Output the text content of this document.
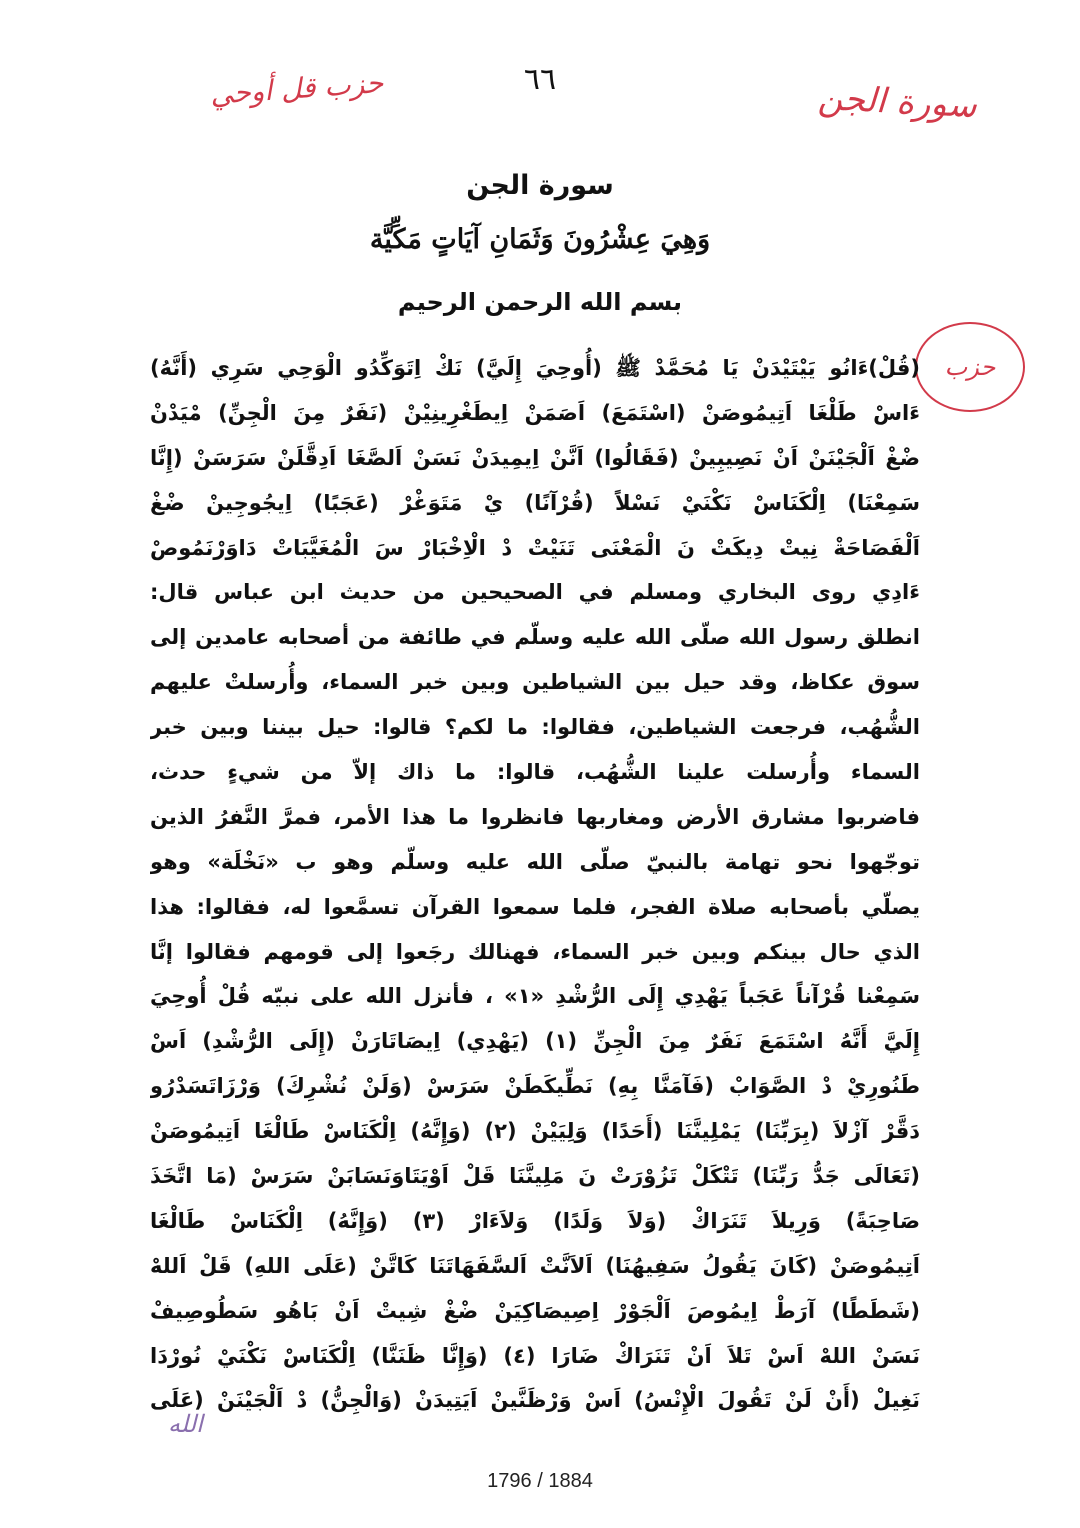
٦٦
حزب قل أوحي	سورة الجن
حزب
سورة الجن
وَهِيَ عِشْرُونَ وَثَمَانِ آيَاتٍ مَكِّيَّة
بسم الله الرحمن الرحيم
(قُلْ)ءَانُو يَيْتَيْدَنْ يَا مُحَمَّدْ ﷺ (أُوحِيَ إِلَيَّ) نَكْ اِتَوَكِّدُو الْوَحِي سَرِي (أَنَّهُ)
ءَاسْ طَلْغَا اَتِيمُوصَنْ (اسْتَمَعَ) اَصَمَنْ اِيطَغْرِينِيْنْ (نَفَرٌ مِنَ الْجِنِّ) مْيَدْنْ
ضْغْ اَلْجَيْنَنْ اَنْ نَصِيبِينْ (فَقَالُوا) اَنَّنْ اِيمِيدَنْ نَسَنْ اَلصَّغَا اَدِقَّلَنْ سَرَسَنْ (إِنَّا
سَمِعْنَا) اِلْكَنَاسْ نَكْنَيْ نَسْلاً (قُرْآنًا) يْ مَتَوَغْرْ (عَجَبًا) اِيجُوجِينْ ضْغْ
اَلْفَصَاحَةْ نِيتْ دِيكَتْ نَ الْمَعْنَى تَنَيْتْ دْ الْاِخْبَارْ سَ الْمُغَيَّبَاتْ دَاوَرْنَمُوصْ
ءَادِي روى البخاري ومسلم في الصحيحين من حديث ابن عباس قال:
انطلق رسول الله صلّى الله عليه وسلّم في طائفة من أصحابه عامدين إلى
سوق عكاظ، وقد حيل بين الشياطين وبين خبر السماء، وأُرسلتْ عليهم
الشُّهُب، فرجعت الشياطين، فقالوا: ما لكم؟ قالوا: حيل بيننا وبين خبر
السماء وأُرسلت علينا الشُّهُب، قالوا: ما ذاك إلاّ من شيءٍ حدث،
فاضربوا مشارق الأرض ومغاربها فانظروا ما هذا الأمر، فمرَّ النَّفرُ الذين
توجّهوا نحو تهامة بالنبيّ صلّى الله عليه وسلّم وهو ب «نَخْلَة» وهو
يصلّي بأصحابه صلاة الفجر، فلما سمعوا القرآن تسمَّعوا له، فقالوا: هذا
الذي حال بينكم وبين خبر السماء، فهنالك رجَعوا إلى قومهم فقالوا إنَّا
سَمِعْنا قُرْآناً عَجَباً يَهْدِي إِلَى الرُّشْدِ «١» ، فأنزل الله على نبيّه قُلْ أُوحِيَ
إِلَيَّ أَنَّهُ اسْتَمَعَ نَفَرٌ مِنَ الْجِنِّ (١) (يَهْدِي) اِيصَاتَارَنْ (إِلَى الرُّشْدِ) اَسْ
طَنُورِيْ دْ الصَّوَابْ (فَآمَنَّا بِهِ) نَطِّيكَطَنْ سَرَسْ (وَلَنْ نُشْرِكَ) وَرْزَاتَسَدْرُو
دَقَّرْ آزْلاَ (بِرَبِّنَا) يَمْلِينَّنَا (أَحَدًا) وَلِيَيْنْ (٢) (وَإِنَّهُ) اِلْكَنَاسْ طَالْغَا اَتِيمُوصَنْ
(تَعَالَى جَدُّ رَبِّنَا) تَتْكَلْ تَزُوْرَتْ نَ مَلِينَّنَا قَلْ اَوْيَتَاوَنَسَابَنْ سَرَسْ (مَا اتَّخَذَ
صَاحِبَةً) وَرِيلاَ تَنَرَاكْ (وَلاَ وَلَدًا) وَلاَءَارْ (٣) (وَإِنَّهُ) اِلْكَنَاسْ طَالْغَا
اَتِيمُوصَنْ (كَانَ يَقُولُ سَفِيهُنَا) اَلاَنَّتْ اَلسَّفَهَاتَنَا كَاتَّنْ (عَلَى اللهِ) قَلْ اَللهْ
(شَطَطًا) آرَطْ اِيمُوصَ اَلْجَوْرْ اِصِيصَاكِيَنْ ضْغْ شِيتْ اَنْ بَاهُو سَطُوصِيفْ
نَسَنْ اللهْ اَسْ تَلاَ اَنْ تَنَرَاكْ ضَارَا (٤) (وَإِنَّا ظَنَنَّا) اِلْكَنَاسْ نَكْنَيْ نُورْدَا
نَغِيلْ (أَنْ لَنْ تَقُولَ الْإِنْسُ) اَسْ وَرْظَنَّينْ اَيَتِيدَنْ (وَالْجِنُّ) دْ اَلْجَيْنَنْ (عَلَى
الله
1796 / 1884
